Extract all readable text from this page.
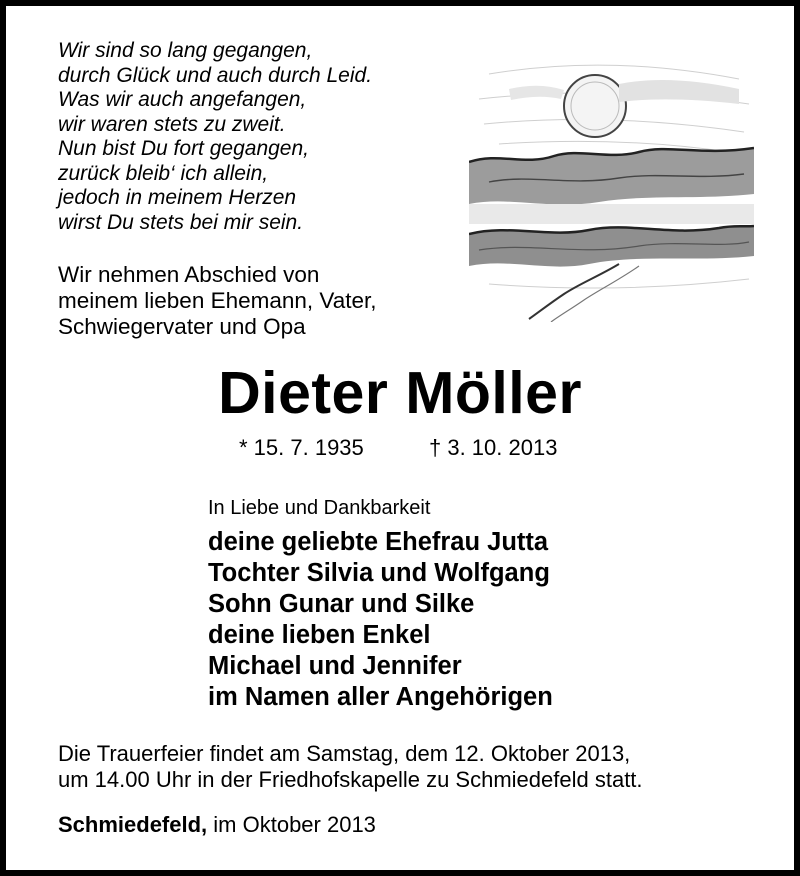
Wir sind so lang gegangen,
durch Glück und auch durch Leid.
Was wir auch angefangen,
wir waren stets zu zweit.
Nun bist Du fort gegangen,
zurück bleib‘ ich allein,
jedoch in meinem Herzen
wirst Du stets bei mir sein.
Wir nehmen Abschied von
meinem lieben Ehemann, Vater,
Schwiegervater und Opa
Dieter Möller
* 15. 7. 1935	† 3. 10. 2013
In Liebe und Dankbarkeit
deine geliebte Ehefrau Jutta
Tochter Silvia und Wolfgang
Sohn Gunar und Silke
deine lieben Enkel
Michael und Jennifer
im Namen aller Angehörigen
Die Trauerfeier findet am Samstag, dem 12. Oktober 2013,
um 14.00 Uhr in der Friedhofskapelle zu Schmiedefeld statt.
Schmiedefeld, im Oktober 2013
